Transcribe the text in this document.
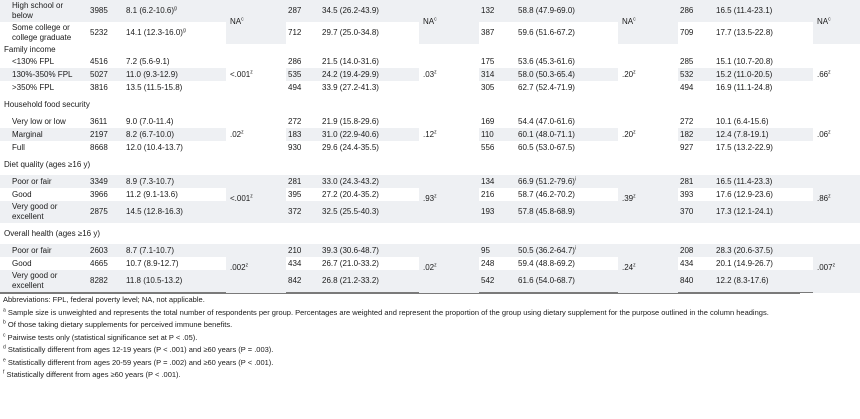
High school or below	3985	8.1 $(6.2-10.6)^g$	$NA^c$	287	34.5 (26.2-43.9)	$NA^c$	132	58.8 (47.9-69.0)	$NA^c$	286	16.5 (11.4-23.1)	$NA^c$
Some college or college graduate	5232	14.1 $(12.3-16.0)^g$		712	29.7 (25.0-34.8)		387	59.6 (51.6-67.2)		709	17.7 (13.5-22.8)	
Family income												
<130% FPL	4516	7.2 (5.6-9.1)	$<.001^z$	286	21.5 (14.0-31.6)	.03$^z$	175	53.6 (45.3-61.6)	.20$^z$	285	15.1 (10.7-20.8)	.66$^z$
130%-350% FPL	5027	11.0 (9.3-12.9)		535	24.2 (19.4-29.9)		314	58.0 (50.3-65.4)		532	15.2 (11.0-20.5)	
>350% FPL	3816	13.5 (11.5-15.8)		494	33.9 (27.2-41.3)		305	62.7 (52.4-71.9)		494	16.9 (11.1-24.8)	
Household food security												
Very low or low	3611	9.0 (7.0-11.4)	.02$^z$	272	21.9 (15.8-29.6)	.12$^z$	169	54.4 (47.0-61.6)	.20$^z$	272	10.1 (6.4-15.6)	.06$^z$
Marginal	2197	8.2 (6.7-10.0)		183	31.0 (22.9-40.6)		110	60.1 (48.0-71.1)		182	12.4 (7.8-19.1)	
Full	8668	12.0 (10.4-13.7)		930	29.6 (24.4-35.5)		556	60.5 (53.0-67.5)		927	17.5 (13.2-22.9)	
Diet quality (ages ≥16 y)												
Poor or fair	3349	8.9 (7.3-10.7)	$<.001^z$	281	33.0 (24.3-43.2)	.93$^z$	134	66.9 $(51.2-79.6)^i$	.39$^z$	281	16.5 (11.4-23.3)	.86$^z$
Good	3966	11.2 (9.1-13.6)		395	27.2 (20.4-35.2)		216	58.7 (46.2-70.2)		393	17.6 (12.9-23.6)	
Very good or excellent	2875	14.5 (12.8-16.3)		372	32.5 (25.5-40.3)		193	57.8 (45.8-68.9)		370	17.3 (12.1-24.1)	
Overall health (ages ≥16 y)												
Poor or fair	2603	8.7 (7.1-10.7)	.002$^z$	210	39.3 (30.6-48.7)	.02$^z$	95	50.5 $(36.2-64.7)^i$	.24$^z$	208	28.3 (20.6-37.5)	.007$^z$
Good	4665	10.7 (8.9-12.7)		434	26.7 (21.0-33.2)		248	59.4 (48.8-69.2)		434	20.1 (14.9-26.7)	
Very good or excellent	8282	11.8 (10.5-13.2)		842	26.8 (21.2-33.2)		542	61.6 (54.0-68.7)		840	12.2 (8.3-17.6)	
Abbreviations: FPL, federal poverty level; NA, not applicable.
$^a$ Sample size is unweighted and represents the total number of respondents per group. Percentages are weighted and represent the proportion of the group using dietary supplement for the purpose outlined in the column headings.
$^b$ Of those taking dietary supplements for perceived immune benefits.
$^c$ Pairwise tests only (statistical significance set at P < .05).
$^d$ Statistically different from ages 12-19 years (P < .001) and ≥60 years (P = .003).
$^e$ Statistically different from ages 20-59 years (P = .002) and ≥60 years (P < .001).
$^f$ Statistically different from ages ≥60 years (P < .001).
